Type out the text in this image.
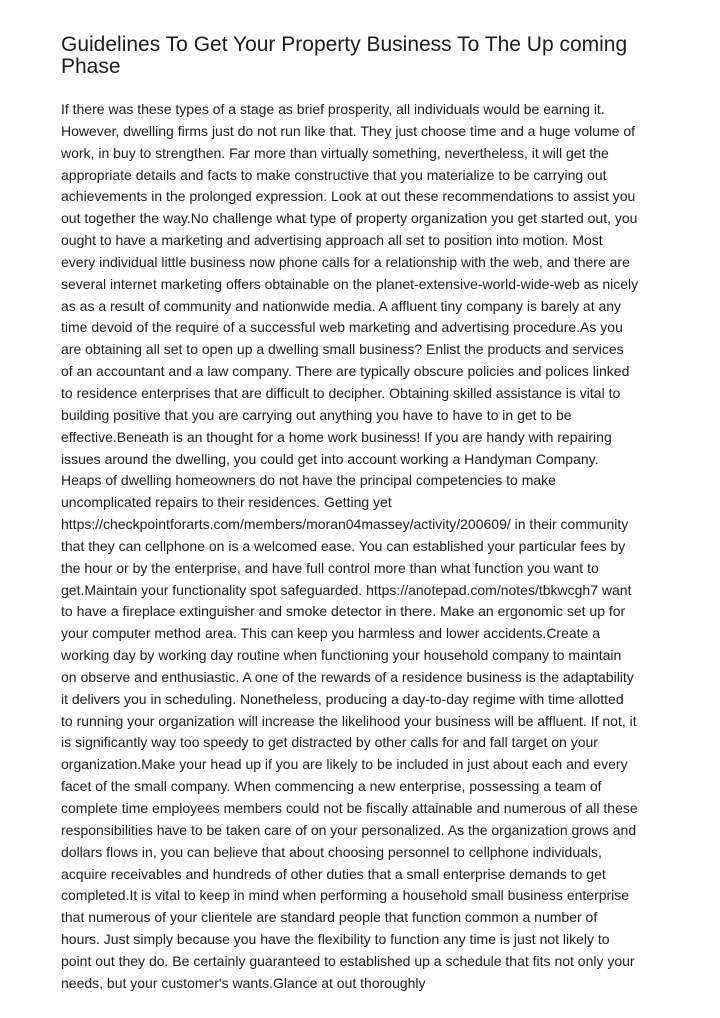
Guidelines To Get Your Property Business To The Up coming Phase
If there was these types of a stage as brief prosperity, all individuals would be earning it.
However, dwelling firms just do not run like that. They just choose time and a huge volume of
work, in buy to strengthen. Far more than virtually something, nevertheless, it will get the
appropriate details and facts to make constructive that you materialize to be carrying out
achievements in the prolonged expression. Look at out these recommendations to assist you
out together the way.No challenge what type of property organization you get started out, you
ought to have a marketing and advertising approach all set to position into motion. Most
every individual little business now phone calls for a relationship with the web, and there are
several internet marketing offers obtainable on the planet-extensive-world-wide-web as nicely
as as a result of community and nationwide media. A affluent tiny company is barely at any
time devoid of the require of a successful web marketing and advertising procedure.As you
are obtaining all set to open up a dwelling small business? Enlist the products and services
of an accountant and a law company. There are typically obscure policies and polices linked
to residence enterprises that are difficult to decipher. Obtaining skilled assistance is vital to
building positive that you are carrying out anything you have to have to in get to be
effective.Beneath is an thought for a home work business! If you are handy with repairing
issues around the dwelling, you could get into account working a Handyman Company.
Heaps of dwelling homeowners do not have the principal competencies to make
uncomplicated repairs to their residences. Getting yet
https://checkpointforarts.com/members/moran04massey/activity/200609/ in their community
that they can cellphone on is a welcomed ease. You can established your particular fees by
the hour or by the enterprise, and have full control more than what function you want to
get.Maintain your functionality spot safeguarded. https://anotepad.com/notes/tbkwcgh7 want
to have a fireplace extinguisher and smoke detector in there. Make an ergonomic set up for
your computer method area. This can keep you harmless and lower accidents.Create a
working day by working day routine when functioning your household company to maintain
on observe and enthusiastic. A one of the rewards of a residence business is the adaptability
it delivers you in scheduling. Nonetheless, producing a day-to-day regime with time allotted
to running your organization will increase the likelihood your business will be affluent. If not, it
is significantly way too speedy to get distracted by other calls for and fall target on your
organization.Make your head up if you are likely to be included in just about each and every
facet of the small company. When commencing a new enterprise, possessing a team of
complete time employees members could not be fiscally attainable and numerous of all these
responsibilities have to be taken care of on your personalized. As the organization grows and
dollars flows in, you can believe that about choosing personnel to cellphone individuals,
acquire receivables and hundreds of other duties that a small enterprise demands to get
completed.It is vital to keep in mind when performing a household small business enterprise
that numerous of your clientele are standard people that function common a number of
hours. Just simply because you have the flexibility to function any time is just not likely to
point out they do. Be certainly guaranteed to established up a schedule that fits not only your
needs, but your customer's wants.Glance at out thoroughly
